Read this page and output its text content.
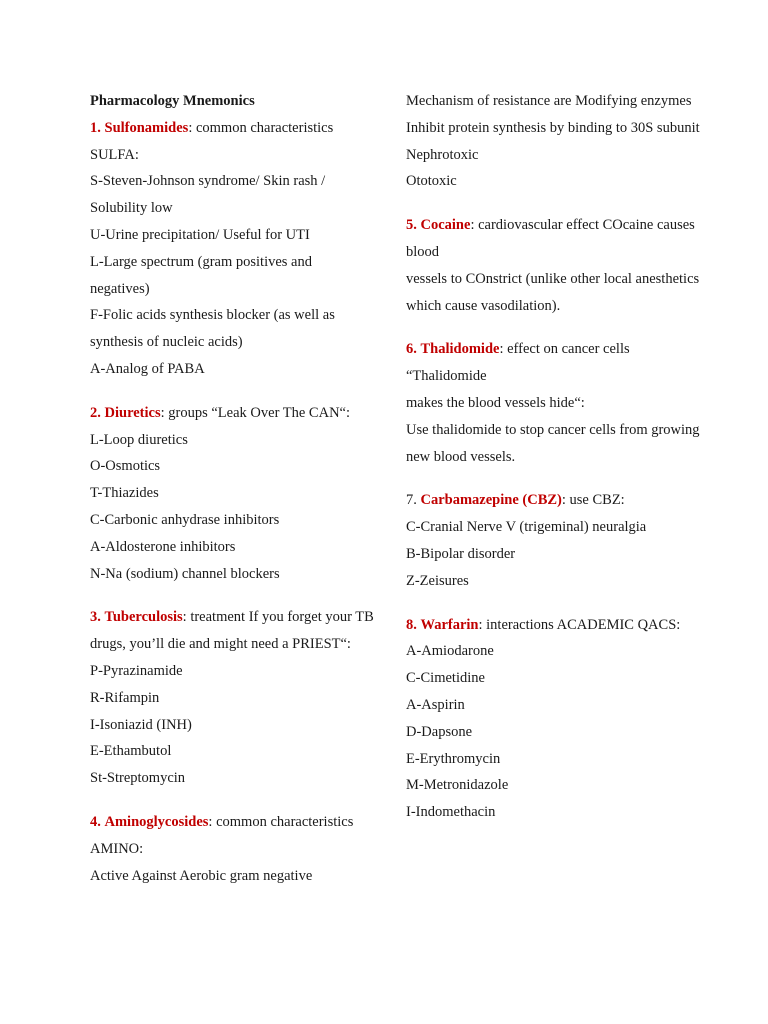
Pharmacology Mnemonics
1. Sulfonamides: common characteristics
SULFA:
S-Steven-Johnson syndrome/ Skin rash / Solubility low
U-Urine precipitation/ Useful for UTI
L-Large spectrum (gram positives and negatives)
F-Folic acids synthesis blocker (as well as synthesis of nucleic acids)
A-Analog of PABA
2. Diuretics: groups “Leak Over The CAN“:
L-Loop diuretics
O-Osmotics
T-Thiazides
C-Carbonic anhydrase inhibitors
A-Aldosterone inhibitors
N-Na (sodium) channel blockers
3. Tuberculosis: treatment If you forget your TB drugs, you’ll die and might need a PRIEST“:
P-Pyrazinamide
R-Rifampin
I-Isoniazid (INH)
E-Ethambutol
St-Streptomycin
4. Aminoglycosides: common characteristics AMINO:
Active Against Aerobic gram negative
Mechanism of resistance are Modifying enzymes
Inhibit protein synthesis by binding to 30S subunit
Nephrotoxic
Ototoxic
5. Cocaine: cardiovascular effect COcaine causes blood
vessels to COnstrict (unlike other local anesthetics which cause vasodilation).
6. Thalidomide: effect on cancer cells “Thalidomide
makes the blood vessels hide“:
Use thalidomide to stop cancer cells from growing new blood vessels.
7. Carbamazepine (CBZ): use CBZ:
C-Cranial Nerve V (trigeminal) neuralgia
B-Bipolar disorder
Z-Zeisures
8. Warfarin: interactions ACADEMIC QACS:
A-Amiodarone
C-Cimetidine
A-Aspirin
D-Dapsone
E-Erythromycin
M-Metronidazole
I-Indomethacin
